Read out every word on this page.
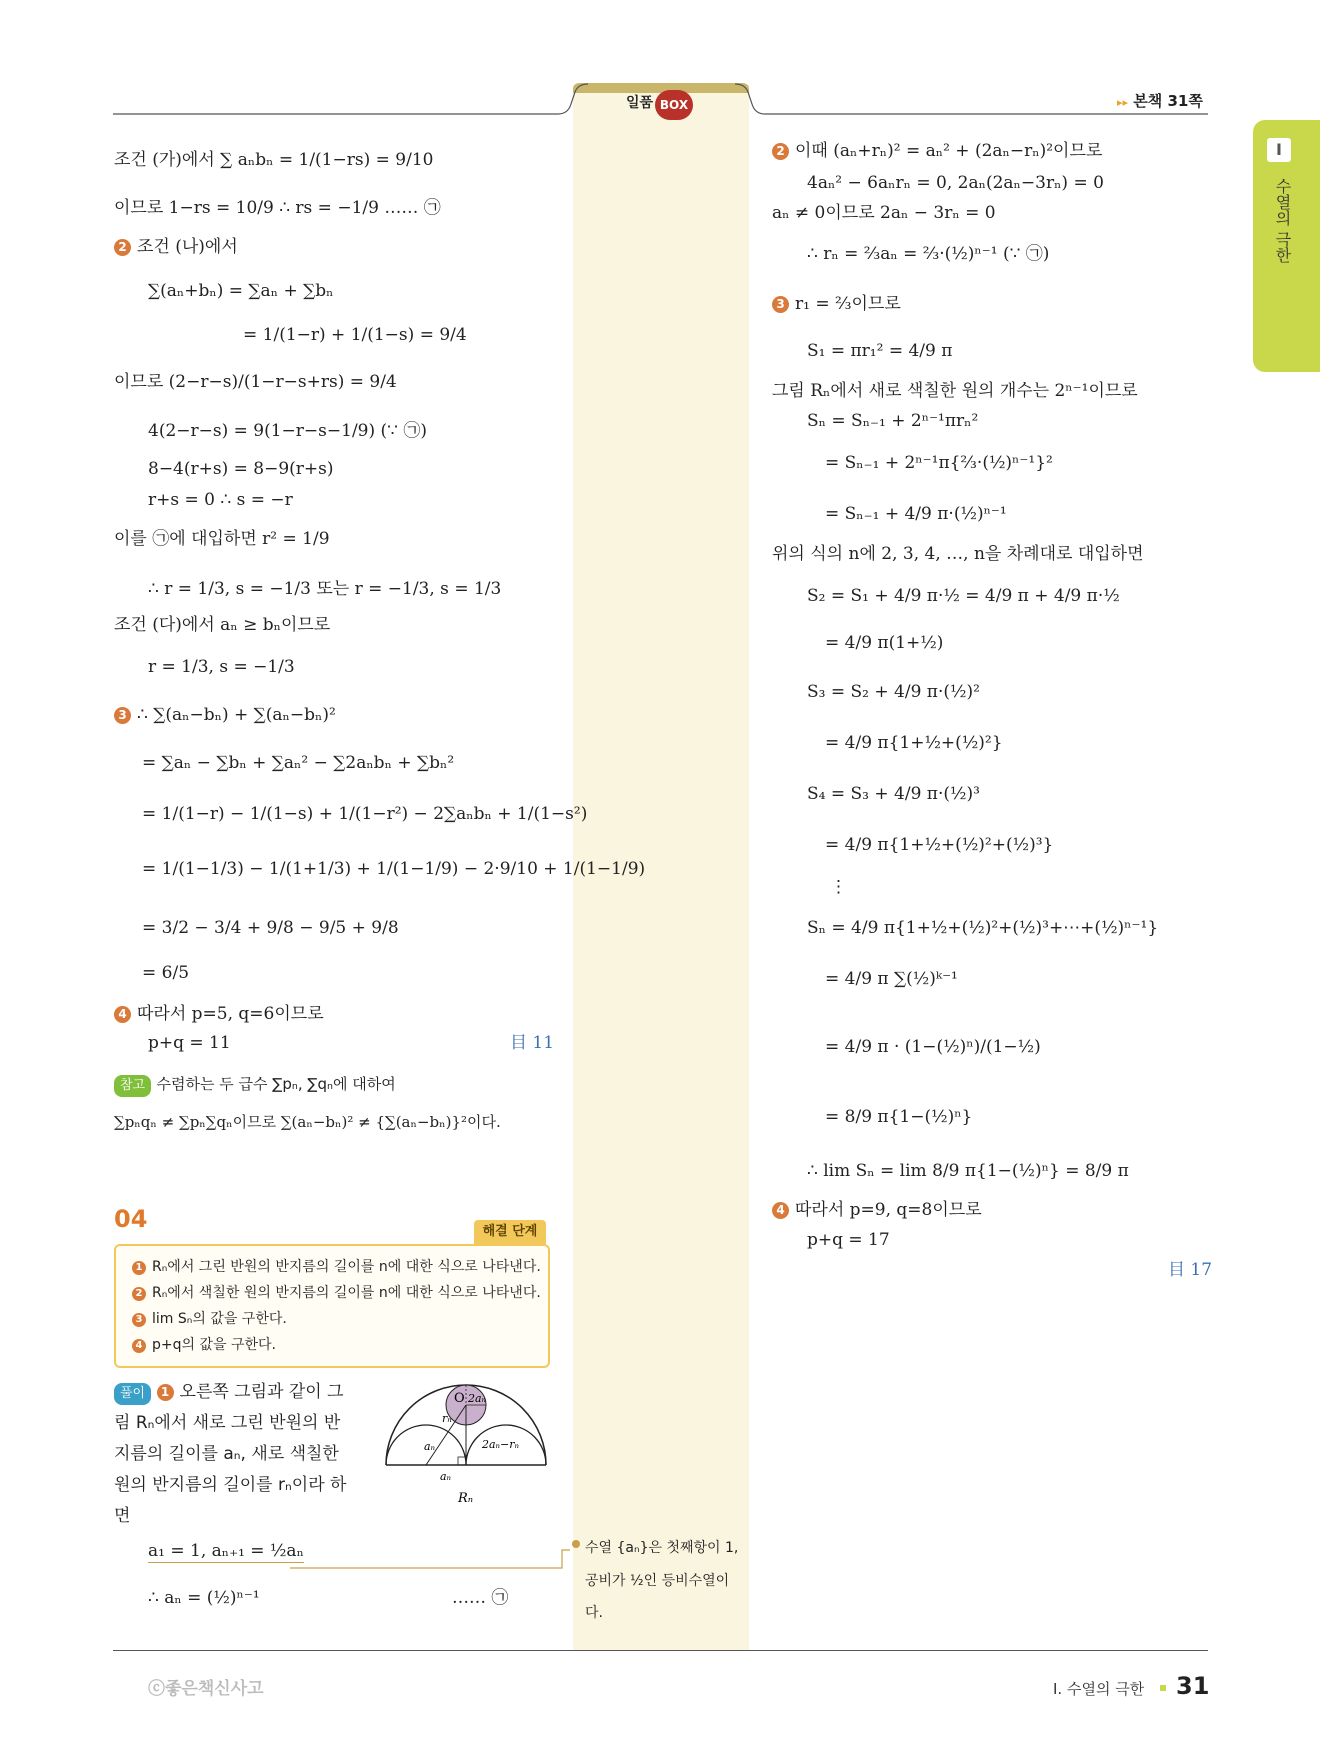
일품 BOX	▸▸ 본책 31쪽
I
수열의 극한
조건 (가)에서 ∑ aₙbₙ = 1/(1−rs) = 9/10
이므로 1−rs = 10/9 ∴ rs = −1/9 …… ㉠
2 조건 (나)에서
∑(aₙ+bₙ) = ∑aₙ + ∑bₙ
= 1/(1−r) + 1/(1−s) = 9/4
이므로 (2−r−s)/(1−r−s+rs) = 9/4
4(2−r−s) = 9(1−r−s−1/9) (∵ ㉠)
8−4(r+s) = 8−9(r+s)
r+s = 0 ∴ s = −r
이를 ㉠에 대입하면 r² = 1/9
∴ r = 1/3, s = −1/3 또는 r = −1/3, s = 1/3
조건 (다)에서 aₙ ≥ bₙ이므로
r = 1/3, s = −1/3
3 ∴ ∑(aₙ−bₙ) + ∑(aₙ−bₙ)²
= ∑aₙ − ∑bₙ + ∑aₙ² − ∑2aₙbₙ + ∑bₙ²
= 1/(1−r) − 1/(1−s) + 1/(1−r²) − 2∑aₙbₙ + 1/(1−s²)
= 1/(1−1/3) − 1/(1+1/3) + 1/(1−1/9) − 2·9/10 + 1/(1−1/9)
= 3/2 − 3/4 + 9/8 − 9/5 + 9/8
= 6/5
4 따라서 p=5, q=6이므로
p+q = 11	目 11
참고 수렴하는 두 급수 ∑pₙ, ∑qₙ에 대하여
∑pₙqₙ ≠ ∑pₙ∑qₙ이므로 ∑(aₙ−bₙ)² ≠ {∑(aₙ−bₙ)}²이다.
04	해결 단계
1 Rₙ에서 그린 반원의 반지름의 길이를 n에 대한 식으로 나타낸다.
2 Rₙ에서 색칠한 원의 반지름의 길이를 n에 대한 식으로 나타낸다.
3 lim Sₙ의 값을 구한다.
4 p+q의 값을 구한다.
풀이 1 오른쪽 그림과 같이 그
림 Rₙ에서 새로 그린 반원의 반
지름의 길이를 aₙ, 새로 색칠한
원의 반지름의 길이를 rₙ이라 하
면
O 2aₙ
aₙ
rₙ
2aₙ−rₙ
aₙ
Rₙ
a₁ = 1, aₙ₊₁ = ½aₙ
∴ aₙ = (½)ⁿ⁻¹	…… ㉠
수열 {aₙ}은 첫째항이 1,
공비가 ½인 등비수열이
다.
2 이때 (aₙ+rₙ)² = aₙ² + (2aₙ−rₙ)²이므로
4aₙ² − 6aₙrₙ = 0, 2aₙ(2aₙ−3rₙ) = 0
aₙ ≠ 0이므로 2aₙ − 3rₙ = 0
∴ rₙ = ⅔aₙ = ⅔·(½)ⁿ⁻¹ (∵ ㉠)
3 r₁ = ⅔이므로
S₁ = πr₁² = 4/9 π
그림 Rₙ에서 새로 색칠한 원의 개수는 2ⁿ⁻¹이므로
Sₙ = Sₙ₋₁ + 2ⁿ⁻¹πrₙ²
= Sₙ₋₁ + 2ⁿ⁻¹π{⅔·(½)ⁿ⁻¹}²
= Sₙ₋₁ + 4/9 π·(½)ⁿ⁻¹
위의 식의 n에 2, 3, 4, …, n을 차례대로 대입하면
S₂ = S₁ + 4/9 π·½ = 4/9 π + 4/9 π·½
= 4/9 π(1+½)
S₃ = S₂ + 4/9 π·(½)²
= 4/9 π{1+½+(½)²}
S₄ = S₃ + 4/9 π·(½)³
= 4/9 π{1+½+(½)²+(½)³}
⋮
Sₙ = 4/9 π{1+½+(½)²+(½)³+⋯+(½)ⁿ⁻¹}
= 4/9 π ∑(½)ᵏ⁻¹
= 4/9 π · (1−(½)ⁿ)/(1−½)
= 8/9 π{1−(½)ⁿ}
∴ lim Sₙ = lim 8/9 π{1−(½)ⁿ} = 8/9 π
4 따라서 p=9, q=8이므로
p+q = 17
目 17
ⓒ좋은책신사고	I. 수열의 극한 31
